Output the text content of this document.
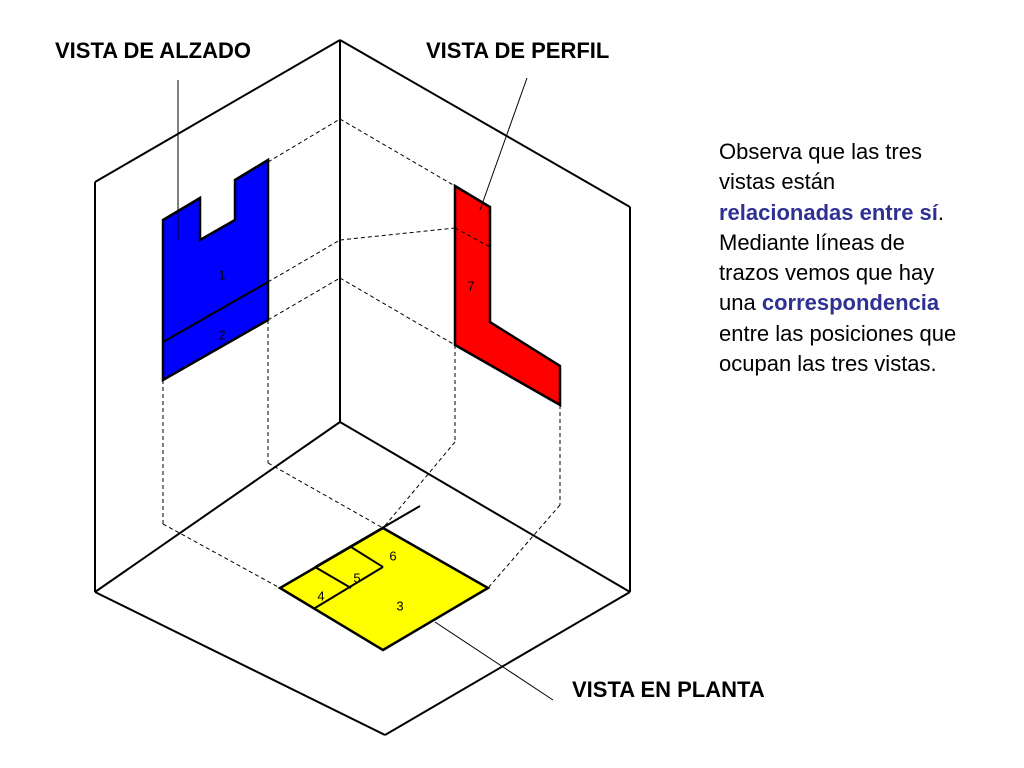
1
2
7
3
4
5
6
VISTA DE ALZADO	VISTA DE PERFIL
VISTA EN PLANTA
Observa que las tres vistas están relacionadas entre sí. Mediante líneas de trazos vemos que hay una correspondencia entre las posiciones que ocupan las tres vistas.
